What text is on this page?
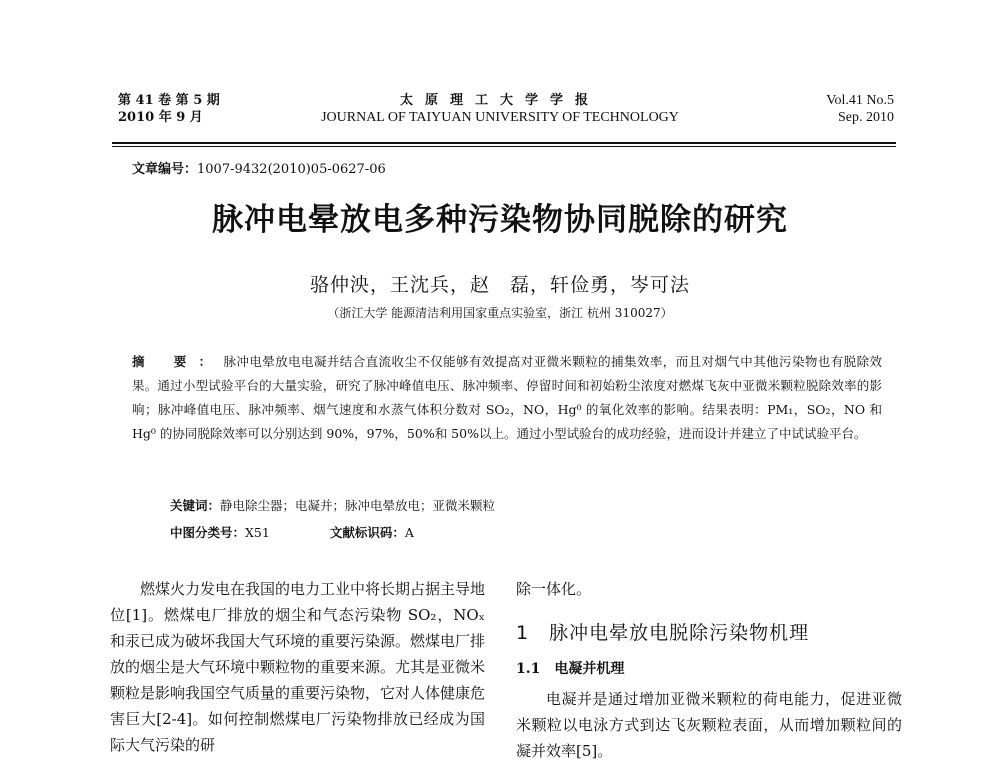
第 41 卷 第 5 期
2010 年 9 月
太原理工大学学报
JOURNAL OF TAIYUAN UNIVERSITY OF TECHNOLOGY
Vol.41 No.5
Sep. 2010
文章编号：1007-9432(2010)05-0627-06
脉冲电晕放电多种污染物协同脱除的研究
骆仲泱，王沈兵，赵　磊，轩俭勇，岑可法
（浙江大学 能源清洁利用国家重点实验室，浙江 杭州 310027）
摘 要：脉冲电晕放电电凝并结合直流收尘不仅能够有效提高对亚微米颗粒的捕集效率，而且对烟气中其他污染物也有脱除效果。通过小型试验平台的大量实验，研究了脉冲峰值电压、脉冲频率、停留时间和初始粉尘浓度对燃煤飞灰中亚微米颗粒脱除效率的影响；脉冲峰值电压、脉冲频率、烟气速度和水蒸气体积分数对 SO₂，NO，Hg⁰ 的氧化效率的影响。结果表明：PM₁，SO₂，NO 和 Hg⁰ 的协同脱除效率可以分别达到 90%，97%，50%和 50%以上。通过小型试验台的成功经验，进而设计并建立了中试试验平台。
关键词：静电除尘器；电凝并；脉冲电晕放电；亚微米颗粒
中图分类号：X51	文献标识码：A

燃煤火力发电在我国的电力工业中将长期占据主导地位[1]。燃煤电厂排放的烟尘和气态污染物 SO₂，NOₓ 和汞已成为破坏我国大气环境的重要污染源。燃煤电厂排放的烟尘是大气环境中颗粒物的重要来源。尤其是亚微米颗粒是影响我国空气质量的重要污染物，它对人体健康危害巨大[2-4]。如何控制燃煤电厂污染物排放已经成为国际大气污染的研

除一体化。

1　脉冲电晕放电脱除污染物机理
1.1　电凝并机理

电凝并是通过增加亚微米颗粒的荷电能力，促进亚微米颗粒以电泳方式到达飞灰颗粒表面，从而增加颗粒间的凝并效率[5]。
